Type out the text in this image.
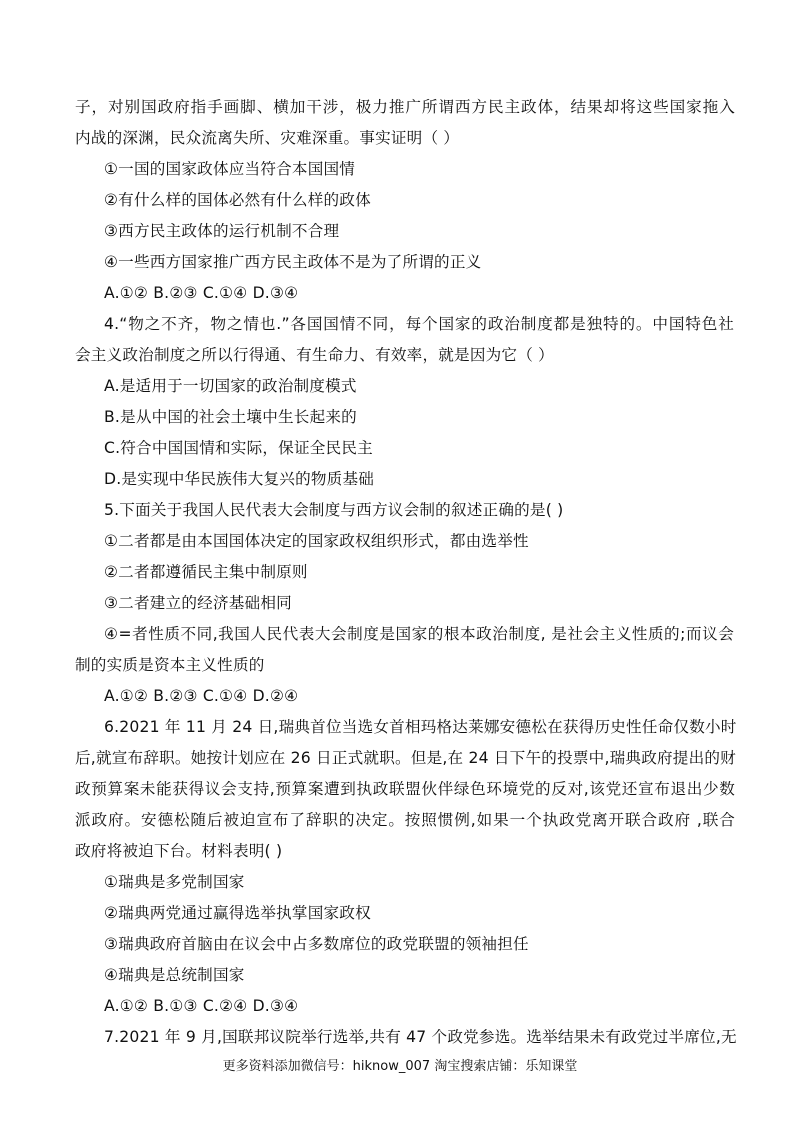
子，对别国政府指手画脚、横加干涉，极力推广所谓西方民主政体，结果却将这些国家拖入
内战的深渊，民众流离失所、灾难深重。事实证明（ ）
①一国的国家政体应当符合本国国情
②有什么样的国体必然有什么样的政体
③西方民主政体的运行机制不合理
④一些西方国家推广西方民主政体不是为了所谓的正义
A.①② B.②③ C.①④ D.③④
4.“物之不齐，物之情也.”各国国情不同，每个国家的政治制度都是独特的。中国特色社
会主义政治制度之所以行得通、有生命力、有效率，就是因为它（ ）
A.是适用于一切国家的政治制度模式
B.是从中国的社会土壤中生长起来的
C.符合中国国情和实际，保证全民民主
D.是实现中华民族伟大复兴的物质基础
5.下面关于我国人民代表大会制度与西方议会制的叙述正确的是( )
①二者都是由本国国体决定的国家政权组织形式，都由选举性
②二者都遵循民主集中制原则
③二者建立的经济基础相同
④=者性质不同,我国人民代表大会制度是国家的根本政治制度, 是社会主义性质的;而议会
制的实质是资本主义性质的
A.①② B.②③ C.①④ D.②④
6.2021 年 11 月 24 日,瑞典首位当选女首相玛格达莱娜安德松在获得历史性任命仅数小时
后,就宣布辞职。她按计划应在 26 日正式就职。但是,在 24 日下午的投票中,瑞典政府提出的财
政预算案未能获得议会支持,预算案遭到执政联盟伙伴绿色环境党的反对,该党还宣布退出少数
派政府。安德松随后被迫宣布了辞职的决定。按照惯例,如果一个执政党离开联合政府 ,联合
政府将被迫下台。材料表明( )
①瑞典是多党制国家
②瑞典两党通过赢得选举执掌国家政权
③瑞典政府首脑由在议会中占多数席位的政党联盟的领袖担任
④瑞典是总统制国家
A.①② B.①③ C.②④ D.③④
7.2021 年 9 月,国联邦议院举行选举,共有 47 个政党参选。选举结果未有政党过半席位,无
更多资料添加微信号：hiknow_007 淘宝搜索店铺：乐知课堂
